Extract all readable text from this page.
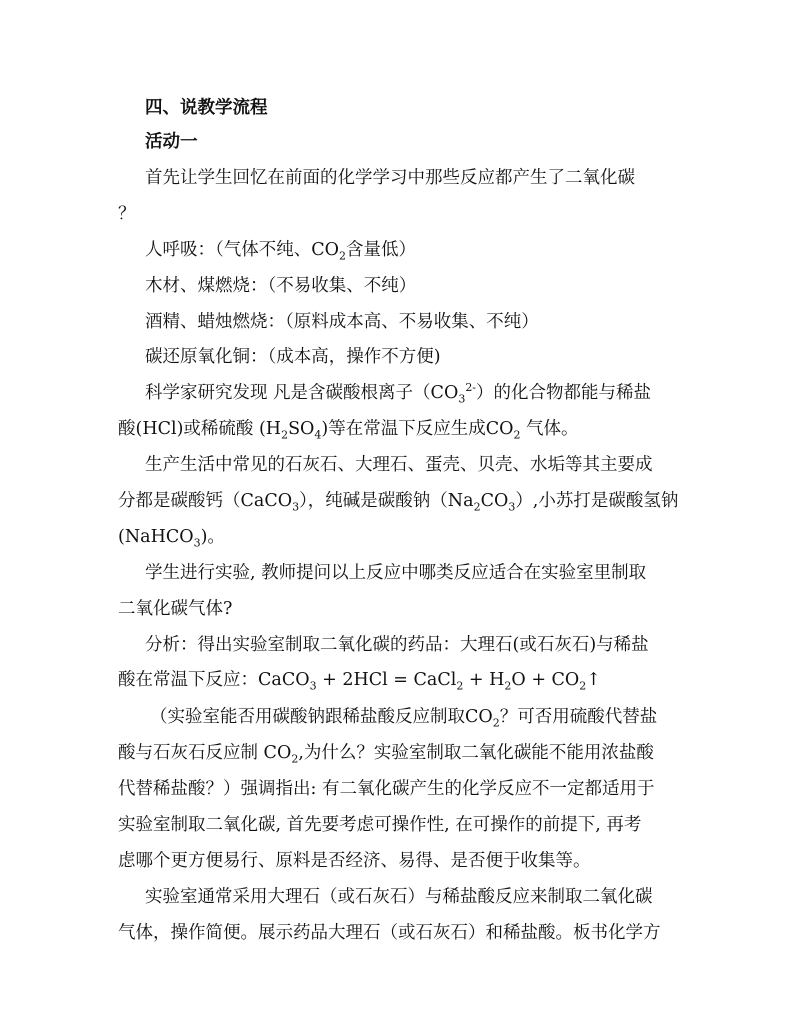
四、说教学流程
活动一
首先让学生回忆在前面的化学学习中那些反应都产生了二氧化碳
？
人呼吸：（气体不纯、$CO_2$含量低）
木材、煤燃烧：（不易收集、不纯）
酒精、蜡烛燃烧：（原料成本高、不易收集、不纯）
碳还原氧化铜：（成本高，操作不方便)
科学家研究发现 凡是含碳酸根离子$(CO_3^{2-})$的化合物都能与稀盐
酸(HCl)或稀硫酸 $(H_2SO_4)$等在常温下反应生成$CO_2$ 气体。
生产生活中常见的石灰石、大理石、蛋壳、贝壳、水垢等其主要成
分都是碳酸钙（CaCO$_3$），纯碱是碳酸钠$(Na_2CO_3)$,小苏打是碳酸氢钠
(NaHCO$_3$)。
学生进行实验, 教师提问以上反应中哪类反应适合在实验室里制取
二氧化碳气体?
分析：得出实验室制取二氧化碳的药品：大理石(或石灰石)与稀盐
酸在常温下反应：CaCO$_3$ + 2HCl = CaCl$_2$ + $H_2O$ + $CO_2↑$
（实验室能否用碳酸钠跟稀盐酸反应制取$CO_2$？可否用硫酸代替盐
酸与石灰石反应制 $CO_2$,为什么？实验室制取二氧化碳能不能用浓盐酸
代替稀盐酸？）强调指出: 有二氧化碳产生的化学反应不一定都适用于
实验室制取二氧化碳, 首先要考虑可操作性, 在可操作的前提下, 再考
虑哪个更方便易行、原料是否经济、易得、是否便于收集等。
实验室通常采用大理石（或石灰石）与稀盐酸反应来制取二氧化碳
气体，操作简便。展示药品大理石（或石灰石）和稀盐酸。板书化学方
